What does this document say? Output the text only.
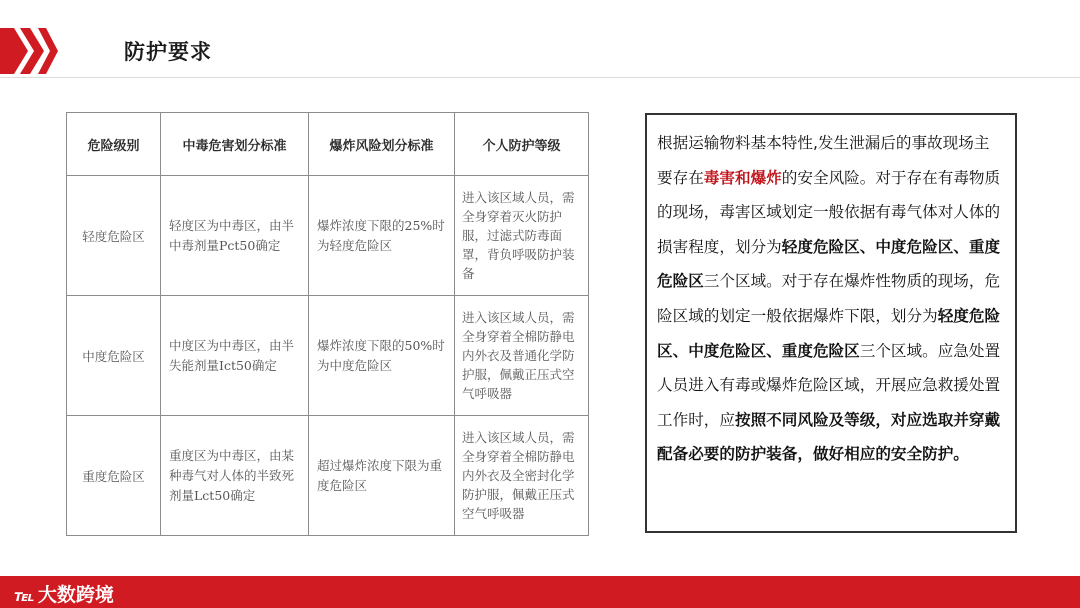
防护要求
危险级别	中毒危害划分标准	爆炸风险划分标准	个人防护等级
轻度危险区	轻度区为中毒区，由半中毒剂量Pct50确定	爆炸浓度下限的25%时为轻度危险区	进入该区域人员，需全身穿着灭火防护服，过滤式防毒面罩，背负呼吸防护装备
中度危险区	中度区为中毒区，由半失能剂量Ict50确定	爆炸浓度下限的50%时为中度危险区	进入该区域人员，需全身穿着全棉防静电内外衣及普通化学防护服，佩戴正压式空气呼吸器
重度危险区	重度区为中毒区，由某种毒气对人体的半致死剂量Lct50确定	超过爆炸浓度下限为重度危险区	进入该区域人员，需全身穿着全棉防静电内外衣及全密封化学防护服，佩戴正压式空气呼吸器
根据运输物料基本特性,发生泄漏后的事故现场主要存在毒害和爆炸的安全风险。对于存在有毒物质的现场，毒害区域划定一般依据有毒气体对人体的损害程度，划分为轻度危险区、中度危险区、重度危险区三个区域。对于存在爆炸性物质的现场，危险区域的划定一般依据爆炸下限，划分为轻度危险区、中度危险区、重度危险区三个区域。应急处置人员进入有毒或爆炸危险区域，开展应急救援处置工作时，应按照不同风险及等级，对应选取并穿戴配备必要的防护装备，做好相应的安全防护。
℡ 大数跨境
